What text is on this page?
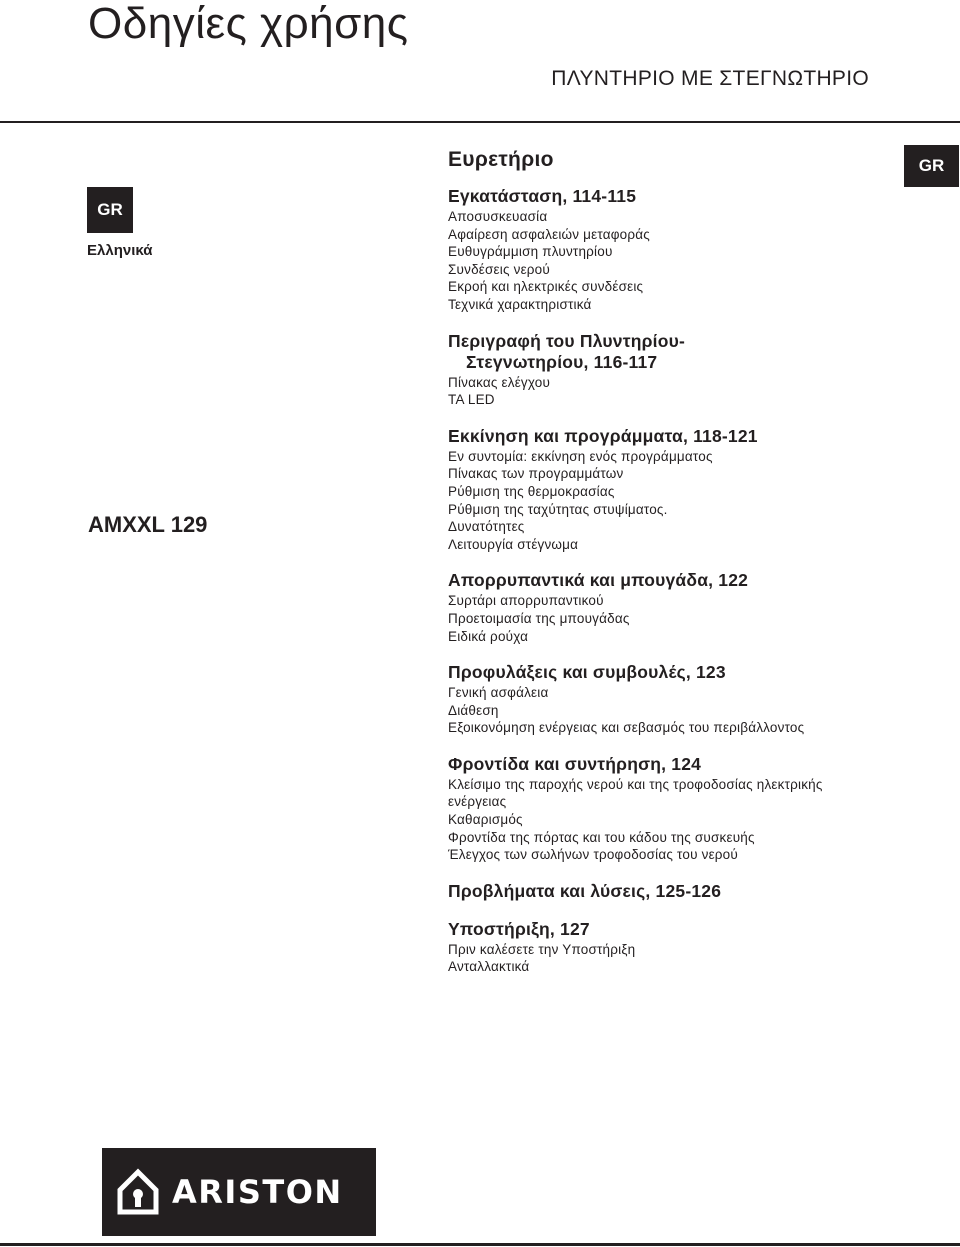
Οδηγίες χρήσης
ΠΛΥΝΤΗΡΙΟ ΜΕ ΣΤΕΓΝΩΤΗΡΙΟ
GR
Ελληνικά
AMXXL 129
GR
Ευρετήριο
Εγκατάσταση, 114-115
Αποσυσκευασία
Αφαίρεση ασφαλειών μεταφοράς
Ευθυγράμμιση πλυντηρίου
Συνδέσεις νερού
Εκροή και ηλεκτρικές συνδέσεις
Τεχνικά χαρακτηριστικά
Περιγραφή του Πλυντηρίου-
Στεγνωτηρίου, 116-117
Πίνακας ελέγχου
ΤΑ LED
Εκκίνηση και προγράμματα, 118-121
Εν συντομία: εκκίνηση ενός προγράμματος
Πίνακας των προγραμμάτων
Ρύθμιση της θερμοκρασίας
Ρύθμιση της ταχύτητας στυψίματος.
Δυνατότητες
Λειτουργία στέγνωμα
Απορρυπαντικά και μπουγάδα, 122
Συρτάρι απορρυπαντικού
Προετοιμασία της μπουγάδας
Ειδικά ρούχα
Προφυλάξεις και συμβουλές, 123
Γενική ασφάλεια
Διάθεση
Εξοικονόμηση ενέργειας και σεβασμός του περιβάλλοντος
Φροντίδα και συντήρηση, 124
Κλείσιμο της παροχής νερού και της τροφοδοσίας ηλεκτρικής
ενέργειας
Καθαρισμός
Φροντίδα της πόρτας και του κάδου της συσκευής
Έλεγχος των σωλήνων τροφοδοσίας του νερού
Προβλήματα και λύσεις, 125-126
Υποστήριξη, 127
Πριν καλέσετε την Υποστήριξη
Ανταλλακτικά
ARISTON
